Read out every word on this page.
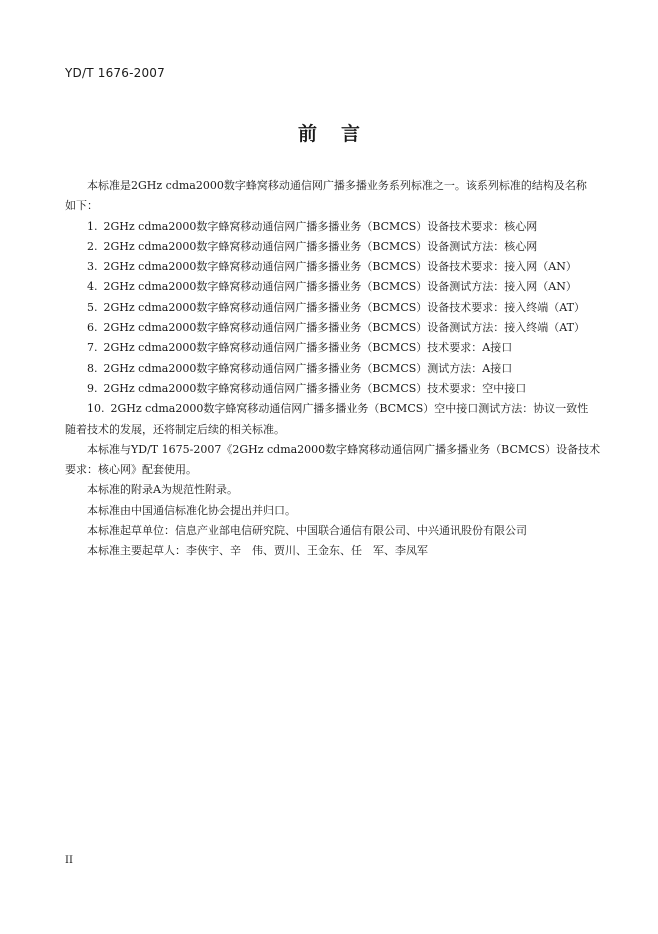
YD/T 1676-2007
前 言
本标准是2GHz cdma2000数字蜂窝移动通信网广播多播业务系列标准之一。该系列标准的结构及名称
如下：
1. 2GHz cdma2000数字蜂窝移动通信网广播多播业务（BCMCS）设备技术要求：核心网
2. 2GHz cdma2000数字蜂窝移动通信网广播多播业务（BCMCS）设备测试方法：核心网
3. 2GHz cdma2000数字蜂窝移动通信网广播多播业务（BCMCS）设备技术要求：接入网（AN）
4. 2GHz cdma2000数字蜂窝移动通信网广播多播业务（BCMCS）设备测试方法：接入网（AN）
5. 2GHz cdma2000数字蜂窝移动通信网广播多播业务（BCMCS）设备技术要求：接入终端（AT）
6. 2GHz cdma2000数字蜂窝移动通信网广播多播业务（BCMCS）设备测试方法：接入终端（AT）
7. 2GHz cdma2000数字蜂窝移动通信网广播多播业务（BCMCS）技术要求：A接口
8. 2GHz cdma2000数字蜂窝移动通信网广播多播业务（BCMCS）测试方法：A接口
9. 2GHz cdma2000数字蜂窝移动通信网广播多播业务（BCMCS）技术要求：空中接口
10. 2GHz cdma2000数字蜂窝移动通信网广播多播业务（BCMCS）空中接口测试方法：协议一致性
随着技术的发展，还将制定后续的相关标准。
本标准与YD/T 1675-2007《2GHz cdma2000数字蜂窝移动通信网广播多播业务（BCMCS）设备技术
要求：核心网》配套使用。
本标准的附录A为规范性附录。
本标准由中国通信标准化协会提出并归口。
本标准起草单位：信息产业部电信研究院、中国联合通信有限公司、中兴通讯股份有限公司
本标准主要起草人：李俠宇、辛　伟、贾川、王金东、任　军、李凤军
II
